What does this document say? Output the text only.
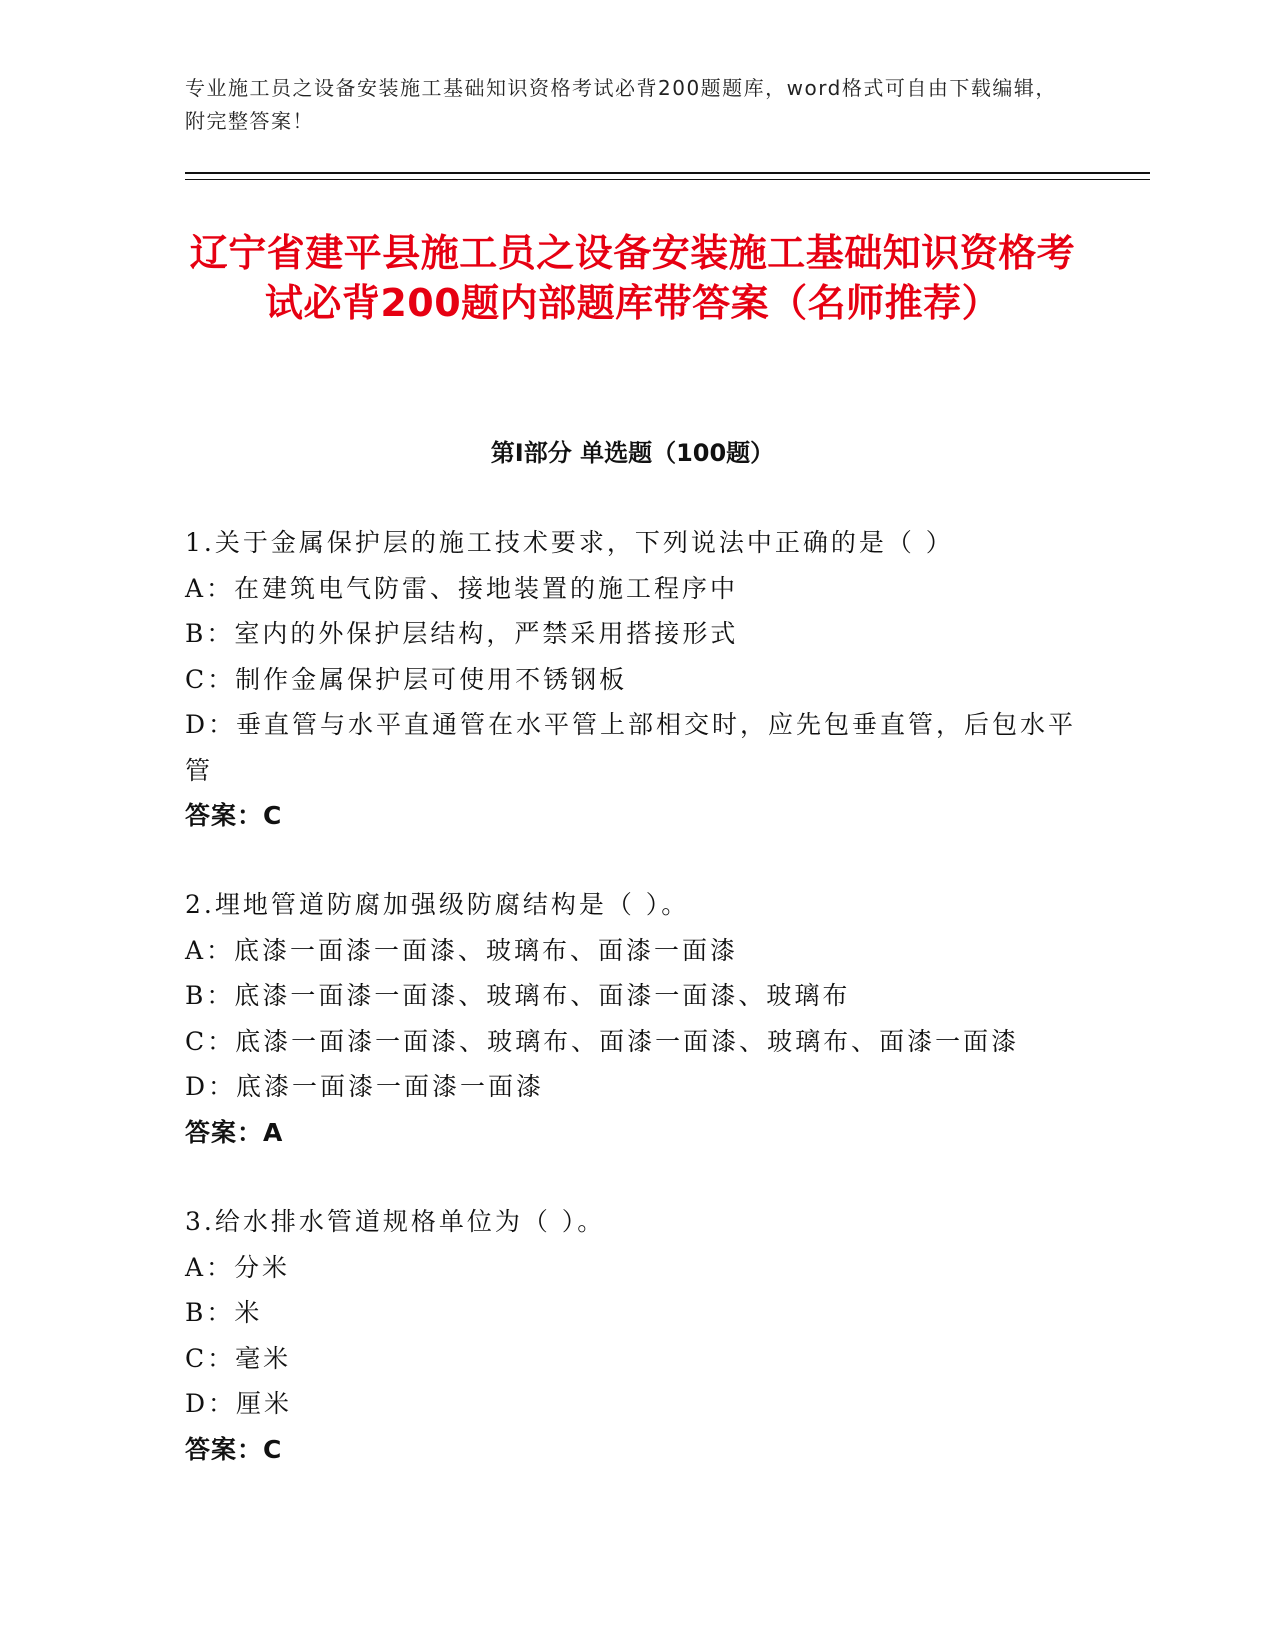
专业施工员之设备安装施工基础知识资格考试必背200题题库，word格式可自由下载编辑，附完整答案！
辽宁省建平县施工员之设备安装施工基础知识资格考试必背200题内部题库带答案（名师推荐）
第I部分 单选题（100题）

1.关于金属保护层的施工技术要求，下列说法中正确的是（ ）

A：在建筑电气防雷、接地装置的施工程序中

B：室内的外保护层结构，严禁采用搭接形式

C：制作金属保护层可使用不锈钢板

D：垂直管与水平直通管在水平管上部相交时，应先包垂直管，后包水平管

答案：C

2.埋地管道防腐加强级防腐结构是（ ）。

A：底漆一面漆一面漆、玻璃布、面漆一面漆

B：底漆一面漆一面漆、玻璃布、面漆一面漆、玻璃布

C：底漆一面漆一面漆、玻璃布、面漆一面漆、玻璃布、面漆一面漆

D：底漆一面漆一面漆一面漆

答案：A

3.给水排水管道规格单位为（ ）。

A：分米

B：米

C：毫米

D：厘米

答案：C
